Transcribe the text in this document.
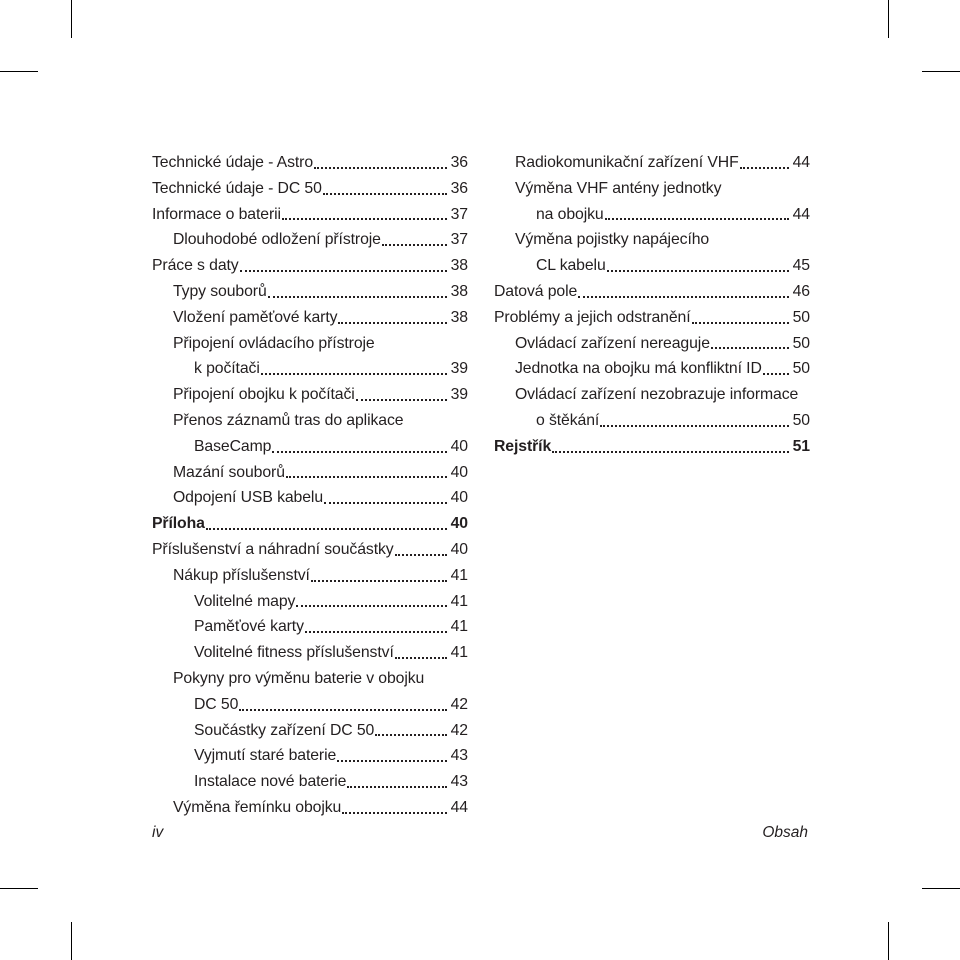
Technické údaje - Astro	36
Technické údaje - DC 50	36
Informace o baterii	37
Dlouhodobé odložení přístroje	37
Práce s daty	38
Typy souborů	38
Vložení paměťové karty	38
Připojení ovládacího přístroje
k počítači	39
Připojení obojku k počítači	39
Přenos záznamů tras do aplikace
BaseCamp	40
Mazání souborů	40
Odpojení USB kabelu	40
Příloha	40
Příslušenství a náhradní součástky	40
Nákup příslušenství	41
Volitelné mapy	41
Paměťové karty	41
Volitelné fitness příslušenství	41
Pokyny pro výměnu baterie v obojku
DC 50	42
Součástky zařízení DC 50	42
Vyjmutí staré baterie	43
Instalace nové baterie	43
Výměna řemínku obojku	44
Radiokomunikační zařízení VHF	44
Výměna VHF antény jednotky
na obojku	44
Výměna pojistky napájecího
CL kabelu	45
Datová pole	46
Problémy a jejich odstranění	50
Ovládací zařízení nereaguje	50
Jednotka na obojku má konfliktní ID 50
Ovládací zařízení nezobrazuje informace
o štěkání	50
Rejstřík	51
iv	Obsah
